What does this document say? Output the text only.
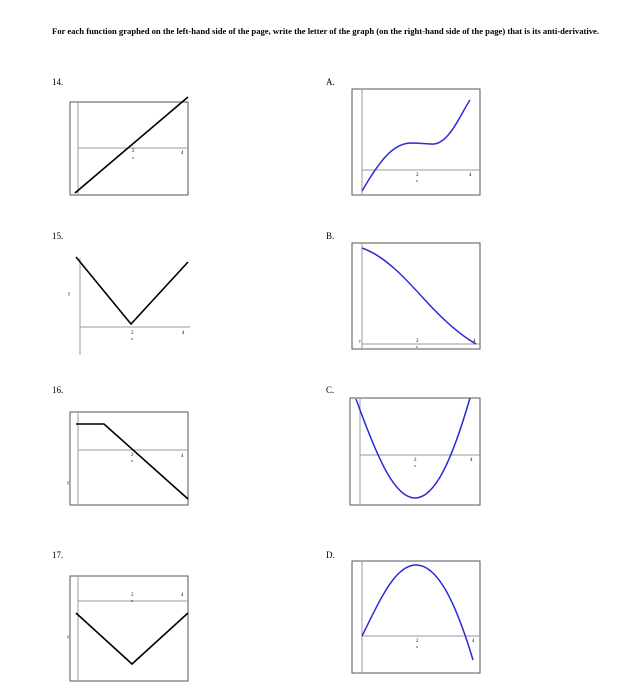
For each function graphed on the left-hand side of the page, write the letter of the graph (on the right-hand side of the page) that is its anti-derivative.
14.
15.
16.
17.
A.
B.
C.
D.
2
x
4
2
x
4
y
2
x
4
y
2
x
4
y
2
x
4
y	2
x
4
2
x
4
2
x
4
